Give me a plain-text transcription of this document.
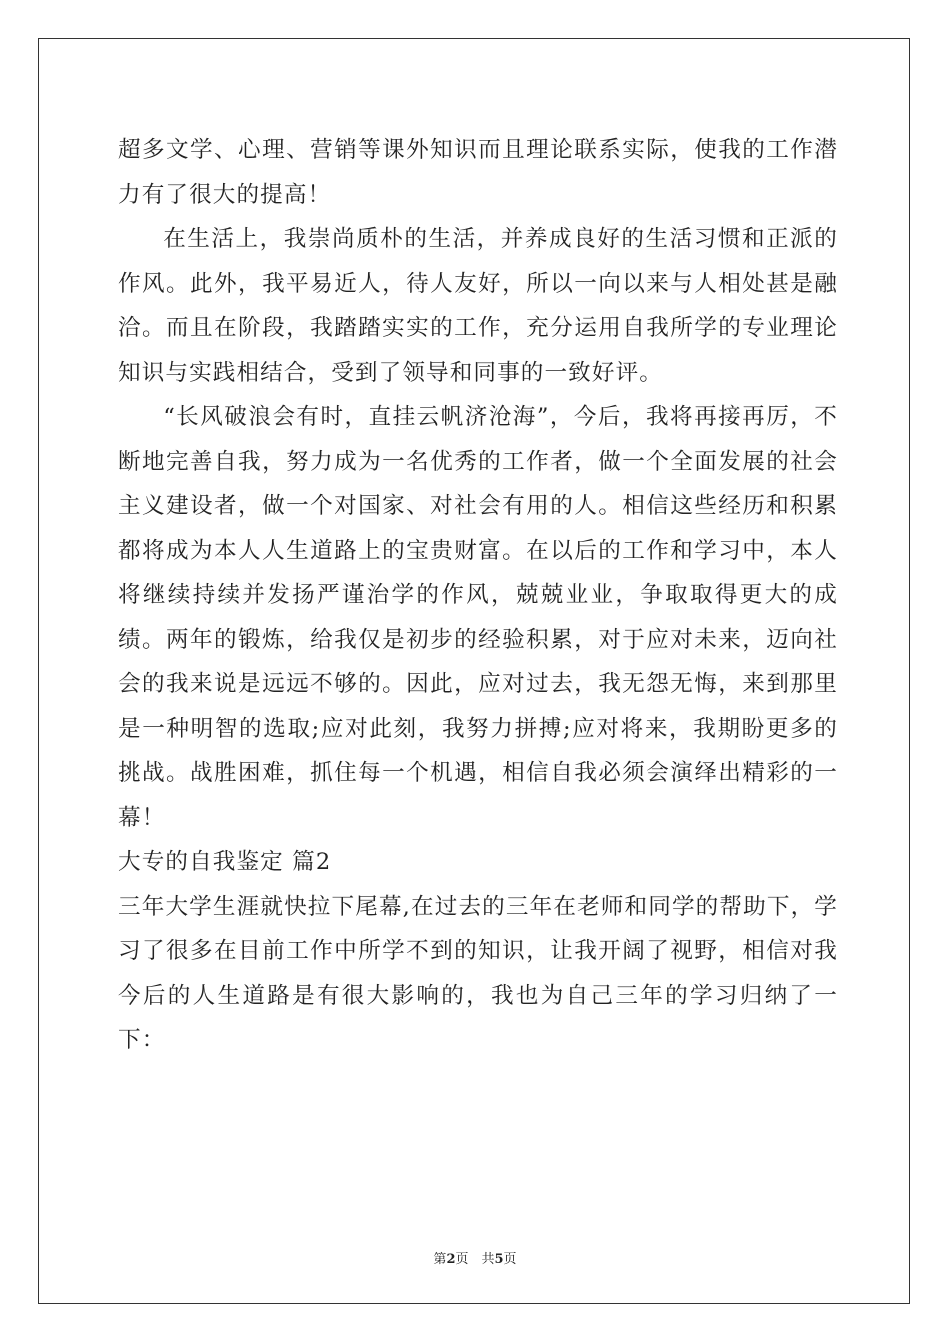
超多文学、心理、营销等课外知识而且理论联系实际，使我的工作潜力有了很大的提高！

在生活上，我崇尚质朴的生活，并养成良好的生活习惯和正派的作风。此外，我平易近人，待人友好，所以一向以来与人相处甚是融洽。而且在阶段，我踏踏实实的工作，充分运用自我所学的专业理论知识与实践相结合，受到了领导和同事的一致好评。

“长风破浪会有时，直挂云帆济沧海”，今后，我将再接再厉，不断地完善自我，努力成为一名优秀的工作者，做一个全面发展的社会主义建设者，做一个对国家、对社会有用的人。相信这些经历和积累都将成为本人人生道路上的宝贵财富。在以后的工作和学习中，本人将继续持续并发扬严谨治学的作风，兢兢业业，争取取得更大的成绩。两年的锻炼，给我仅是初步的经验积累，对于应对未来，迈向社会的我来说是远远不够的。因此，应对过去，我无怨无悔，来到那里是一种明智的选取;应对此刻，我努力拼搏;应对将来，我期盼更多的挑战。战胜困难，抓住每一个机遇，相信自我必须会演绎出精彩的一幕！

大专的自我鉴定 篇2

三年大学生涯就快拉下尾幕,在过去的三年在老师和同学的帮助下，学习了很多在目前工作中所学不到的知识，让我开阔了视野，相信对我今后的人生道路是有很大影响的，我也为自己三年的学习归纳了一下：

第2页　共5页
